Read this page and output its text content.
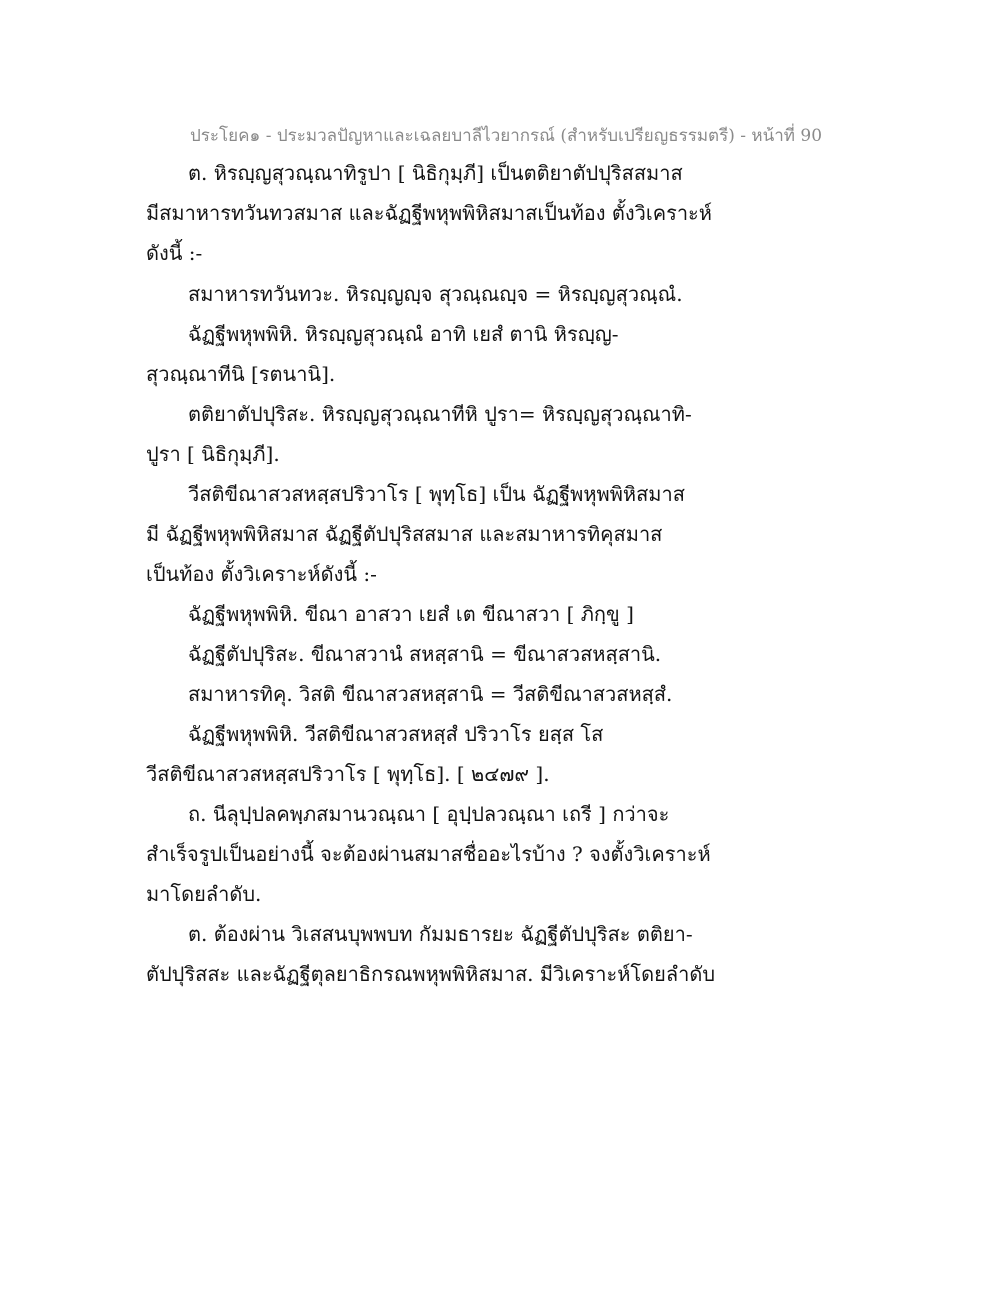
ประโยค๑ - ประมวลปัญหาและเฉลยบาลีไวยากรณ์ (สำหรับเปรียญธรรมตรี) - หน้าที่ 90
ต. หิรญฺญสุวณฺณาทิรูปา [ นิธิกุมฺภี] เป็นตติยาตัปปุริสสมาส
มีสมาหารทวันทวสมาส และฉัฏฐีพหุพพิหิสมาสเป็นท้อง ตั้งวิเคราะห์
ดังนี้ :-
สมาหารทวันทวะ. หิรญฺญญฺจ สุวณฺณญฺจ = หิรญฺญสุวณฺณํ.
ฉัฏฐีพหุพพิหิ. หิรญฺญสุวณฺณํ อาทิ เยสํ ตานิ หิรญฺญ-
สุวณฺณาทีนิ [รตนานิ].
ตติยาตัปปุริสะ. หิรญฺญสุวณฺณาทีหิ ปูรา= หิรญฺญสุวณฺณาทิ-
ปูรา [ นิธิกุมฺภี].
วีสติขีณาสวสหสฺสปริวาโร [ พุทฺโธ] เป็น ฉัฏฐีพหุพพิหิสมาส
มี ฉัฏฐีพหุพพิหิสมาส ฉัฏฐีตัปปุริสสมาส และสมาหารทิคุสมาส
เป็นท้อง ตั้งวิเคราะห์ดังนี้ :-
ฉัฏฐีพหุพพิหิ. ขีณา อาสวา เยสํ เต ขีณาสวา [ ภิกฺขู ]
ฉัฏฐีตัปปุริสะ. ขีณาสวานํ สหสฺสานิ = ขีณาสวสหสฺสานิ.
สมาหารทิคุ. วิสติ ขีณาสวสหสฺสานิ = วีสติขีณาสวสหสฺสํ.
ฉัฏฐีพหุพพิหิ. วีสติขีณาสวสหสฺสํ ปริวาโร ยสฺส โส
วีสติขีณาสวสหสฺสปริวาโร [ พุทฺโธ]. [ ๒๔๗๙ ].
ถ. นีลุปฺปลคพฺภสมานวณฺณา [ อุปฺปลวณฺณา เถรี ] กว่าจะ
สำเร็จรูปเป็นอย่างนี้ จะต้องผ่านสมาสชื่ออะไรบ้าง ? จงตั้งวิเคราะห์
มาโดยลำดับ.
ต. ต้องผ่าน วิเสสนบุพพบท กัมมธารยะ ฉัฏฐีตัปปุริสะ ตติยา-
ตัปปุริสสะ และฉัฏฐีตุลยาธิกรณพหุพพิหิสมาส. มีวิเคราะห์โดยลำดับ
